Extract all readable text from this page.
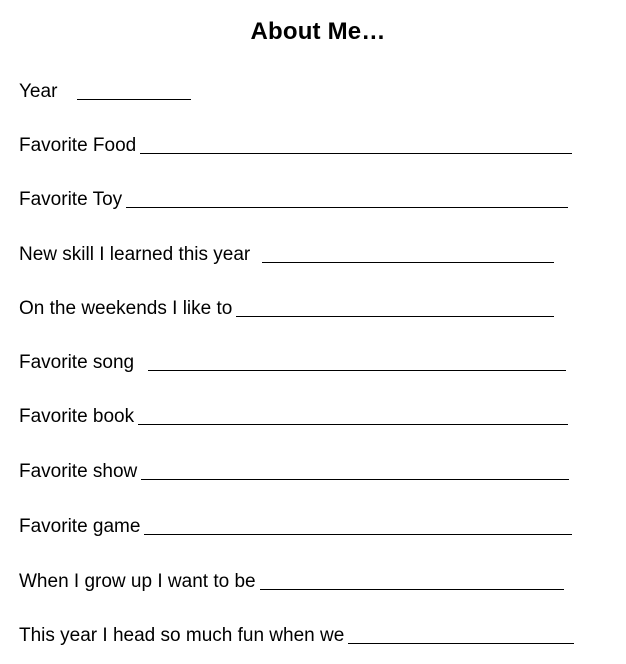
About Me…
Year
Favorite Food
Favorite Toy
New skill I learned this year
On the weekends I like to
Favorite song
Favorite book
Favorite show
Favorite game
When I grow up I want to be
This year I head so much fun when we
